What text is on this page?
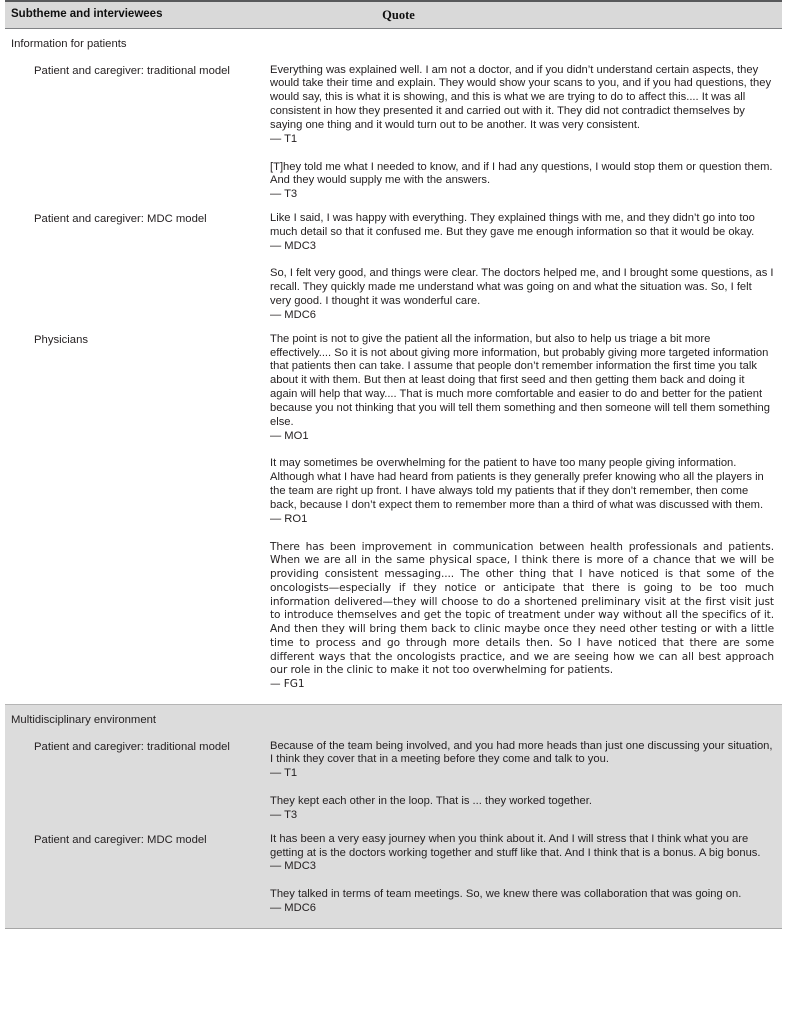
Subtheme and interviewees	Quote
Information for patients
Patient and caregiver: traditional model	Everything was explained well. I am not a doctor, and if you didn’t understand certain aspects, they would take their time and explain. They would show your scans to you, and if you had questions, they would say, this is what it is showing, and this is what we are trying to do to affect this.... It was all consistent in how they presented it and carried out with it. They did not contradict themselves by saying one thing and it would turn out to be another. It was very consistent.
— T1

[T]hey told me what I needed to know, and if I had any questions, I would stop them or question them. And they would supply me with the answers.
— T3

Patient and caregiver: MDC model	Like I said, I was happy with everything. They explained things with me, and they didn’t go into too much detail so that it confused me. But they gave me enough information so that it would be okay.
— MDC3

So, I felt very good, and things were clear. The doctors helped me, and I brought some questions, as I recall. They quickly made me understand what was going on and what the situation was. So, I felt very good. I thought it was wonderful care.
— MDC6

Physicians	The point is not to give the patient all the information, but also to help us triage a bit more effectively.... So it is not about giving more information, but probably giving more targeted information that patients then can take. I assume that people don’t remember information the first time you talk about it with them. But then at least doing that first seed and then getting them back and doing it again will help that way.... That is much more comfortable and easier to do and better for the patient because you not thinking that you will tell them something and then someone will tell them something else.
— MO1

It may sometimes be overwhelming for the patient to have too many people giving information. Although what I have had heard from patients is they generally prefer knowing who all the players in the team are right up front. I have always told my patients that if they don’t remember, then come back, because I don’t expect them to remember more than a third of what was discussed with them.
— RO1

There has been improvement in communication between health professionals and patients. When we are all in the same physical space, I think there is more of a chance that we will be providing consistent messaging.... The other thing that I have noticed is that some of the oncologists—especially if they notice or anticipate that there is going to be too much information delivered—they will choose to do a shortened preliminary visit at the first visit just to introduce themselves and get the topic of treatment under way without all the specifics of it. And then they will bring them back to clinic maybe once they need other testing or with a little time to process and go through more details then. So I have noticed that there are some different ways that the oncologists practice, and we are seeing how we can all best approach our role in the clinic to make it not too overwhelming for patients.
— FG1

Multidisciplinary environment
Patient and caregiver: traditional model	Because of the team being involved, and you had more heads than just one discussing your situation, I think they cover that in a meeting before they come and talk to you.
— T1

They kept each other in the loop. That is ... they worked together.
— T3

Patient and caregiver: MDC model	It has been a very easy journey when you think about it. And I will stress that I think what you are getting at is the doctors working together and stuff like that. And I think that is a bonus. A big bonus.
— MDC3

They talked in terms of team meetings. So, we knew there was collaboration that was going on.
— MDC6
